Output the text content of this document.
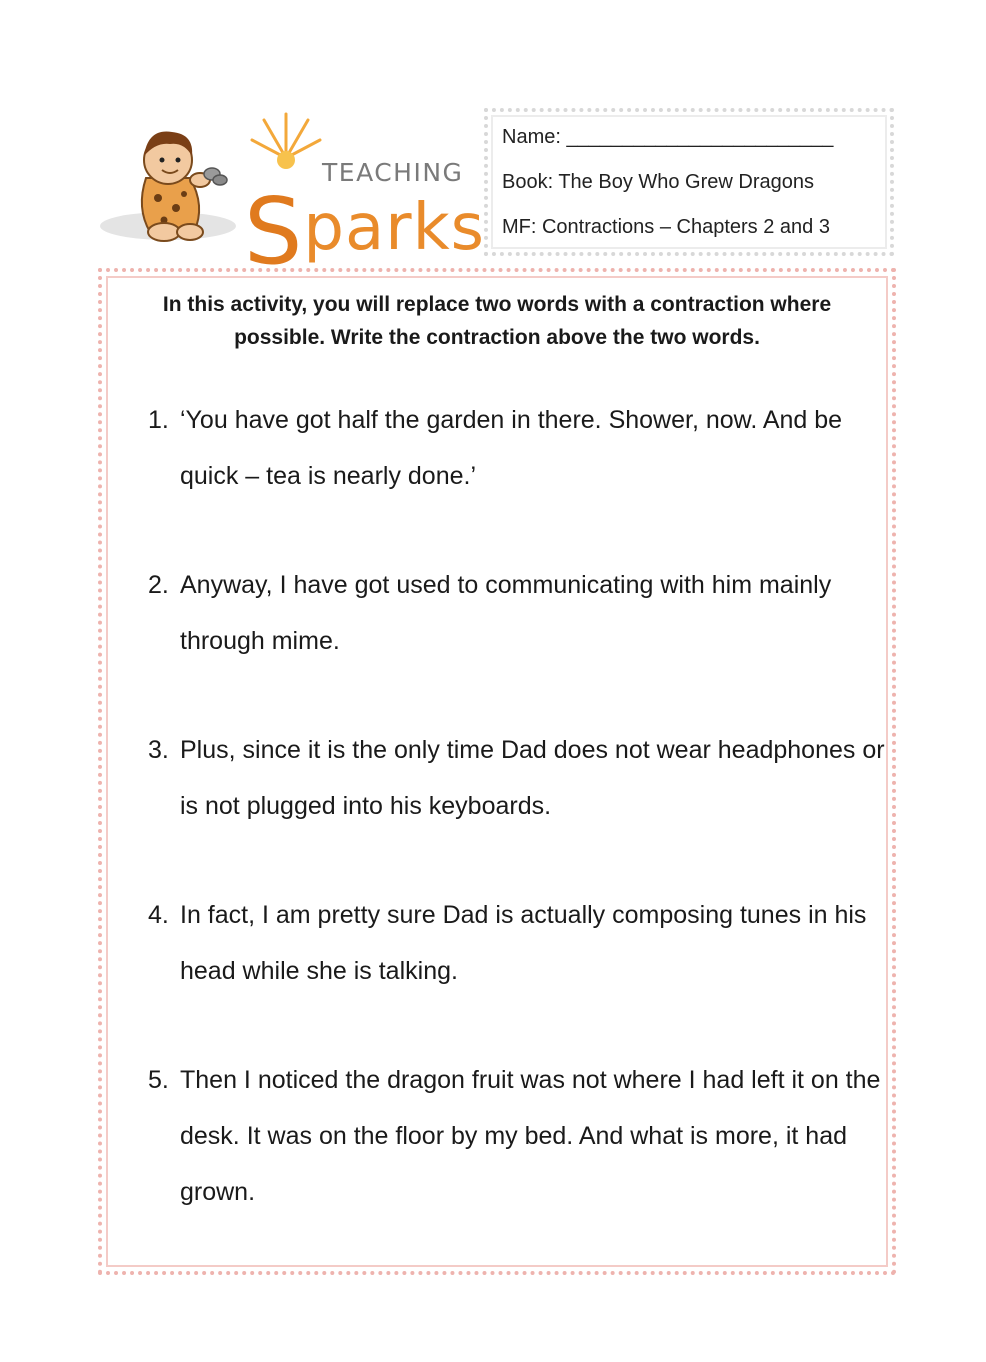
TEACHING
Sparks
Name: ________________________
Book: The Boy Who Grew Dragons
MF: Contractions – Chapters 2 and 3
In this activity, you will replace two words with a contraction where possible. Write the contraction above the two words.
1. ‘You have got half the garden in there. Shower, now. And be quick – tea is nearly done.’
2. Anyway, I have got used to communicating with him mainly through mime.
3. Plus, since it is the only time Dad does not wear headphones or is not plugged into his keyboards.
4. In fact, I am pretty sure Dad is actually composing tunes in his head while she is talking.
5. Then I noticed the dragon fruit was not where I had left it on the desk. It was on the floor by my bed. And what is more, it had grown.
